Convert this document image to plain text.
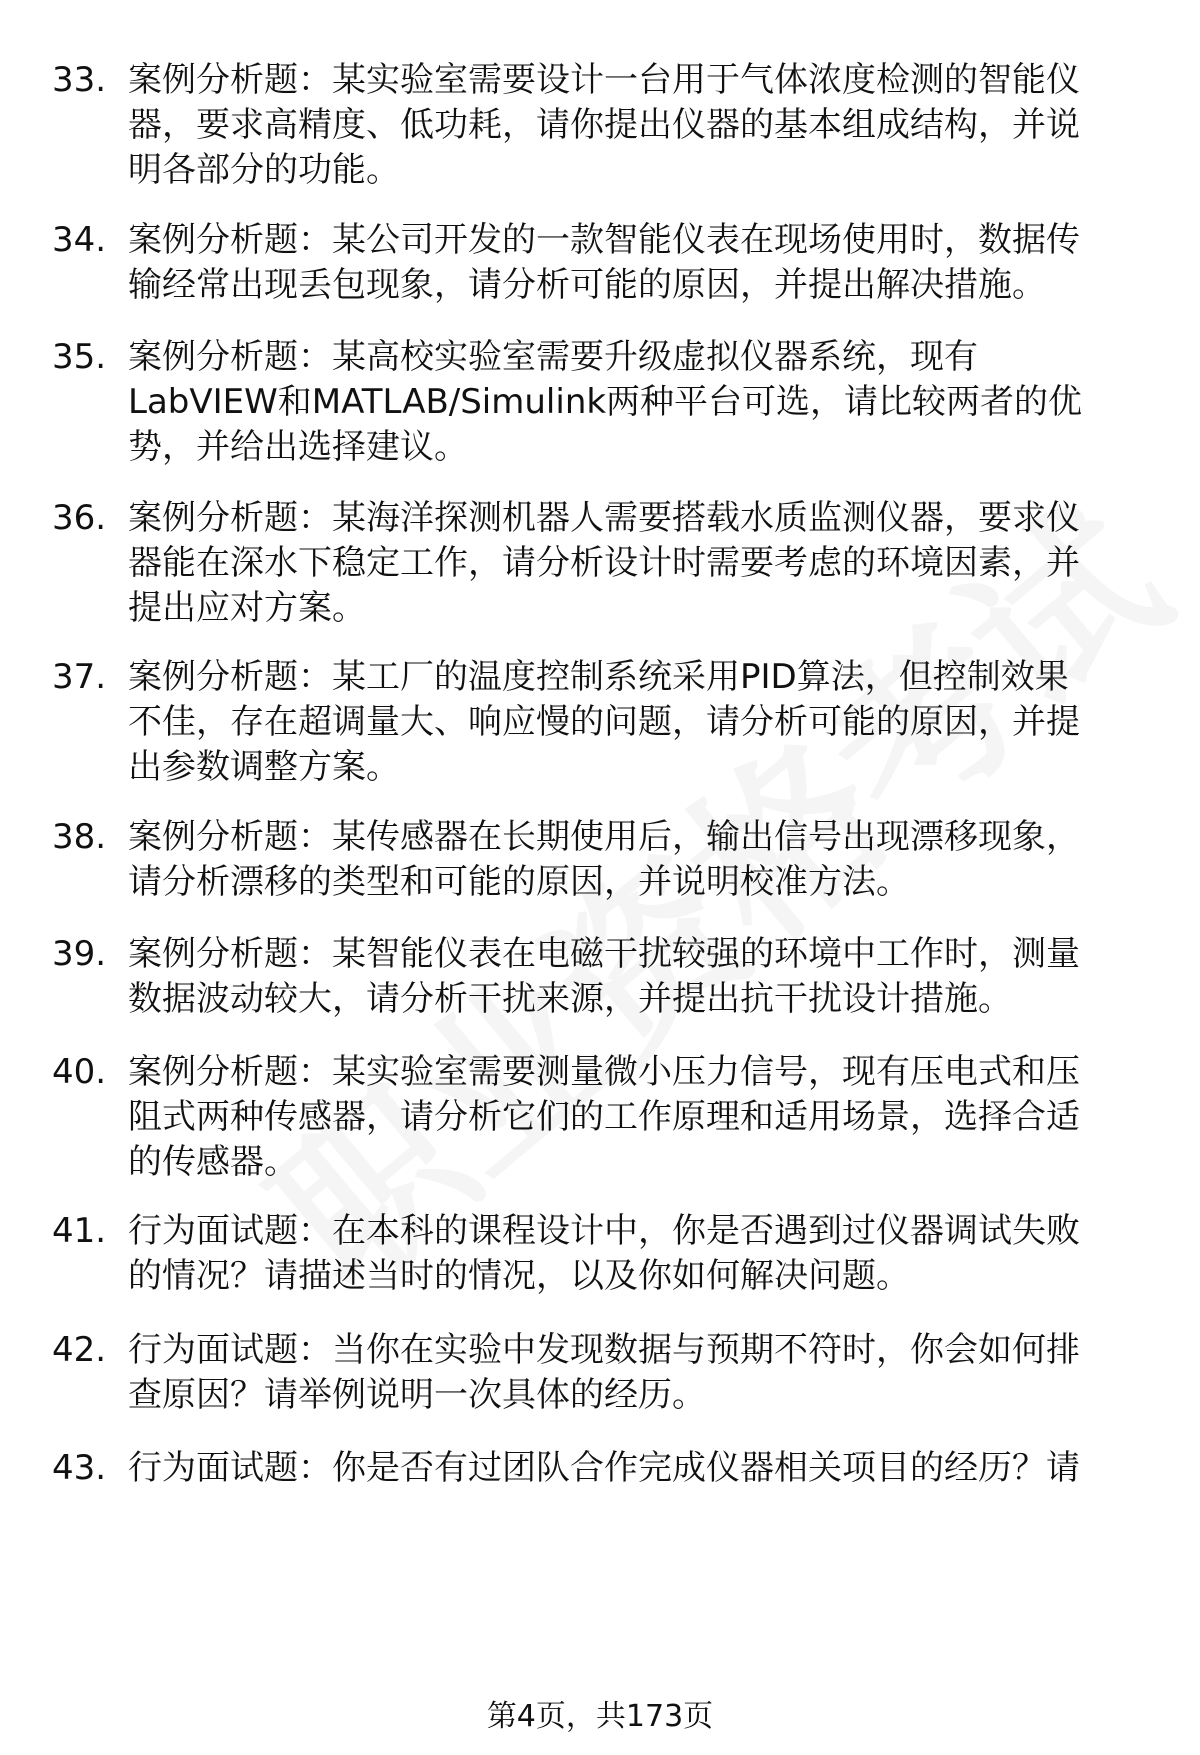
33. 案例分析题：某实验室需要设计一台用于气体浓度检测的智能仪
器，要求高精度、低功耗，请你提出仪器的基本组成结构，并说
明各部分的功能。
34. 案例分析题：某公司开发的一款智能仪表在现场使用时，数据传
输经常出现丢包现象，请分析可能的原因，并提出解决措施。
35. 案例分析题：某高校实验室需要升级虚拟仪器系统，现有
LabVIEW和MATLAB/Simulink两种平台可选，请比较两者的优
势，并给出选择建议。
36. 案例分析题：某海洋探测机器人需要搭载水质监测仪器，要求仪
器能在深水下稳定工作，请分析设计时需要考虑的环境因素，并
提出应对方案。
37. 案例分析题：某工厂的温度控制系统采用PID算法，但控制效果
不佳，存在超调量大、响应慢的问题，请分析可能的原因，并提
出参数调整方案。
38. 案例分析题：某传感器在长期使用后，输出信号出现漂移现象，
请分析漂移的类型和可能的原因，并说明校准方法。
39. 案例分析题：某智能仪表在电磁干扰较强的环境中工作时，测量
数据波动较大，请分析干扰来源，并提出抗干扰设计措施。
40. 案例分析题：某实验室需要测量微小压力信号，现有压电式和压
阻式两种传感器，请分析它们的工作原理和适用场景，选择合适
的传感器。
41. 行为面试题：在本科的课程设计中，你是否遇到过仪器调试失败
的情况？请描述当时的情况，以及你如何解决问题。
42. 行为面试题：当你在实验中发现数据与预期不符时，你会如何排
查原因？请举例说明一次具体的经历。
43. 行为面试题：你是否有过团队合作完成仪器相关项目的经历？请
第4页，共173页
